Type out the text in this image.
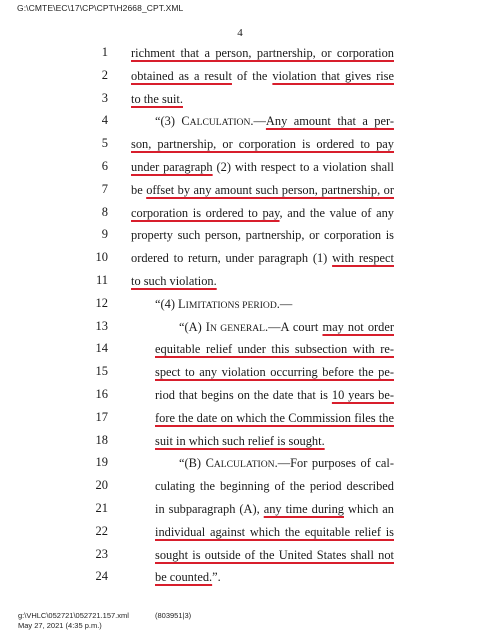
G:\CMTE\EC\17\CP\CPT\H2668_CPT.XML
4
1 richment that a person, partnership, or corporation
2 obtained as a result of the violation that gives rise
3 to the suit.
4	“(3) CALCULATION.—Any amount that a per-
5 son, partnership, or corporation is ordered to pay
6 under paragraph (2) with respect to a violation shall
7 be offset by any amount such person, partnership, or
8 corporation is ordered to pay, and the value of any
9 property such person, partnership, or corporation is
10 ordered to return, under paragraph (1) with respect
11 to such violation.
12	“(4) LIMITATIONS PERIOD.—
13	“(A) IN GENERAL.—A court may not order
14	equitable relief under this subsection with re-
15	spect to any violation occurring before the pe-
16	riod that begins on the date that is 10 years be-
17	fore the date on which the Commission files the
18	suit in which such relief is sought.
19	“(B) CALCULATION.—For purposes of cal-
20	culating the beginning of the period described
21	in subparagraph (A), any time during which an
22	individual against which the equitable relief is
23	sought is outside of the United States shall not
24	be counted.”.
g:\VHLC\052721\052721.157.xml
May 27, 2021 (4:35 p.m.)
(803951|3)
